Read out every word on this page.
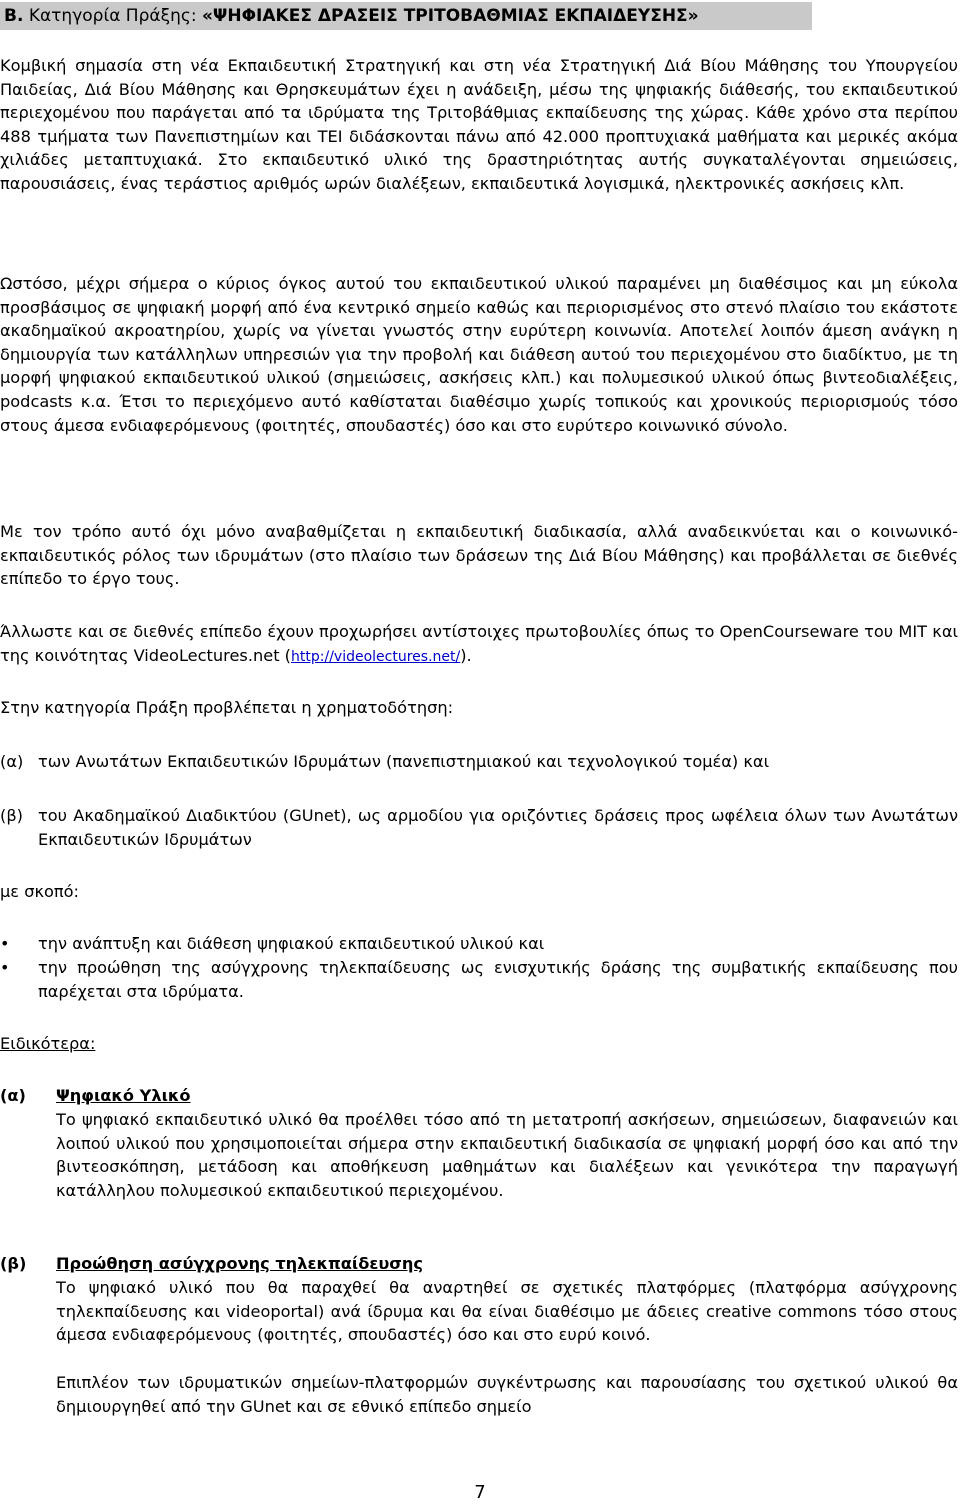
Β. Κατηγορία Πράξης: «ΨΗΦΙΑΚΕΣ ΔΡΑΣΕΙΣ ΤΡΙΤΟΒΑΘΜΙΑΣ ΕΚΠΑΙΔΕΥΣΗΣ»

Κομβική σημασία στη νέα Εκπαιδευτική Στρατηγική και στη νέα Στρατηγική Διά Βίου Μάθησης του Υπουργείου Παιδείας, Διά Βίου Μάθησης και Θρησκευμάτων έχει η ανάδειξη, μέσω της ψηφιακής διάθεσής, του εκπαιδευτικού περιεχομένου που παράγεται από τα ιδρύματα της Τριτοβάθμιας εκπαίδευσης της χώρας. Κάθε χρόνο στα περίπου 488 τμήματα των Πανεπιστημίων και ΤΕΙ διδάσκονται πάνω από 42.000 προπτυχιακά μαθήματα και μερικές ακόμα χιλιάδες μεταπτυχιακά. Στο εκπαιδευτικό υλικό της δραστηριότητας αυτής συγκαταλέγονται σημειώσεις, παρουσιάσεις, ένας τεράστιος αριθμός ωρών διαλέξεων, εκπαιδευτικά λογισμικά, ηλεκτρονικές ασκήσεις κλπ.

Ωστόσο, μέχρι σήμερα ο κύριος όγκος αυτού του εκπαιδευτικού υλικού παραμένει μη διαθέσιμος και μη εύκολα προσβάσιμος σε ψηφιακή μορφή από ένα κεντρικό σημείο καθώς και περιορισμένος στο στενό πλαίσιο του εκάστοτε ακαδημαϊκού ακροατηρίου, χωρίς να γίνεται γνωστός στην ευρύτερη κοινωνία. Αποτελεί λοιπόν άμεση ανάγκη η δημιουργία των κατάλληλων υπηρεσιών για την προβολή και διάθεση αυτού του περιεχομένου στο διαδίκτυο, με τη μορφή ψηφιακού εκπαιδευτικού υλικού (σημειώσεις, ασκήσεις κλπ.) και πολυμεσικού υλικού όπως βιντεοδιαλέξεις, podcasts κ.α. Έτσι το περιεχόμενο αυτό καθίσταται διαθέσιμο χωρίς τοπικούς και χρονικούς περιορισμούς τόσο στους άμεσα ενδιαφερόμενους (φοιτητές, σπουδαστές) όσο και στο ευρύτερο κοινωνικό σύνολο.

Με τον τρόπο αυτό όχι μόνο αναβαθμίζεται η εκπαιδευτική διαδικασία, αλλά αναδεικνύεται και ο κοινωνικό-εκπαιδευτικός ρόλος των ιδρυμάτων (στο πλαίσιο των δράσεων της Διά Βίου Μάθησης) και προβάλλεται σε διεθνές επίπεδο το έργο τους.

Άλλωστε και σε διεθνές επίπεδο έχουν προχωρήσει αντίστοιχες πρωτοβουλίες όπως το OpenCourseware του MIT και της κοινότητας VideoLectures.net (http://videolectures.net/).

Στην κατηγορία Πράξη προβλέπεται η χρηματοδότηση:

(α) των Ανωτάτων Εκπαιδευτικών Ιδρυμάτων (πανεπιστημιακού και τεχνολογικού τομέα) και

(β) του Ακαδημαϊκού Διαδικτύου (GUnet), ως αρμοδίου για οριζόντιες δράσεις προς ωφέλεια όλων των Ανωτάτων Εκπαιδευτικών Ιδρυμάτων

με σκοπό:

• την ανάπτυξη και διάθεση ψηφιακού εκπαιδευτικού υλικού και

• την προώθηση της ασύγχρονης τηλεκπαίδευσης ως ενισχυτικής δράσης της συμβατικής εκπαίδευσης που παρέχεται στα ιδρύματα.

Ειδικότερα:

(α) Ψηφιακό Υλικό

Το ψηφιακό εκπαιδευτικό υλικό θα προέλθει τόσο από τη μετατροπή ασκήσεων, σημειώσεων, διαφανειών και λοιπού υλικού που χρησιμοποιείται σήμερα στην εκπαιδευτική διαδικασία σε ψηφιακή μορφή όσο και από την βιντεοσκόπηση, μετάδοση και αποθήκευση μαθημάτων και διαλέξεων και γενικότερα την παραγωγή κατάλληλου πολυμεσικού εκπαιδευτικού περιεχομένου.

(β) Προώθηση ασύγχρονης τηλεκπαίδευσης

Το ψηφιακό υλικό που θα παραχθεί θα αναρτηθεί σε σχετικές πλατφόρμες (πλατφόρμα ασύγχρονης τηλεκπαίδευσης και videoportal) ανά ίδρυμα και θα είναι διαθέσιμο με άδειες creative commons τόσο στους άμεσα ενδιαφερόμενους (φοιτητές, σπουδαστές) όσο και στο ευρύ κοινό.

Επιπλέον των ιδρυματικών σημείων-πλατφορμών συγκέντρωσης και παρουσίασης του σχετικού υλικού θα δημιουργηθεί από την GUnet και σε εθνικό επίπεδο σημείο

7
